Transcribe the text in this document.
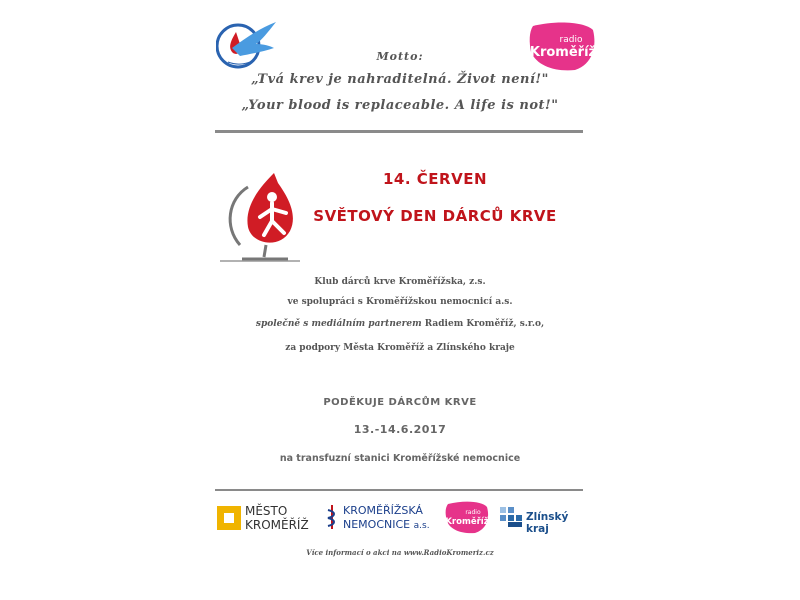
radio
Kroměříž
Motto:
„Tvá krev je nahraditelná. Život není!"
„Your blood is replaceable. A life is not!"
14. ČERVEN
SVĚTOVÝ DEN DÁRCŮ KRVE
Klub dárců krve Kroměřížska, z.s.
ve spolupráci s Kroměřížskou nemocnicí a.s.
společně s mediálním partnerem Radiem Kroměříž, s.r.o,
za podpory Města Kroměříž a Zlínského kraje
PODĚKUJE DÁRCŮM KRVE
13.-14.6.2017
na transfuzní stanici Kroměřížské nemocnice
MĚSTO
KROMĚŘÍŽ
KROMĚŘÍŽSKÁ
NEMOCNICE a.s.
radio
Kroměříž	Zlínský kraj
Více informací o akci na www.RadioKromeriz.cz
